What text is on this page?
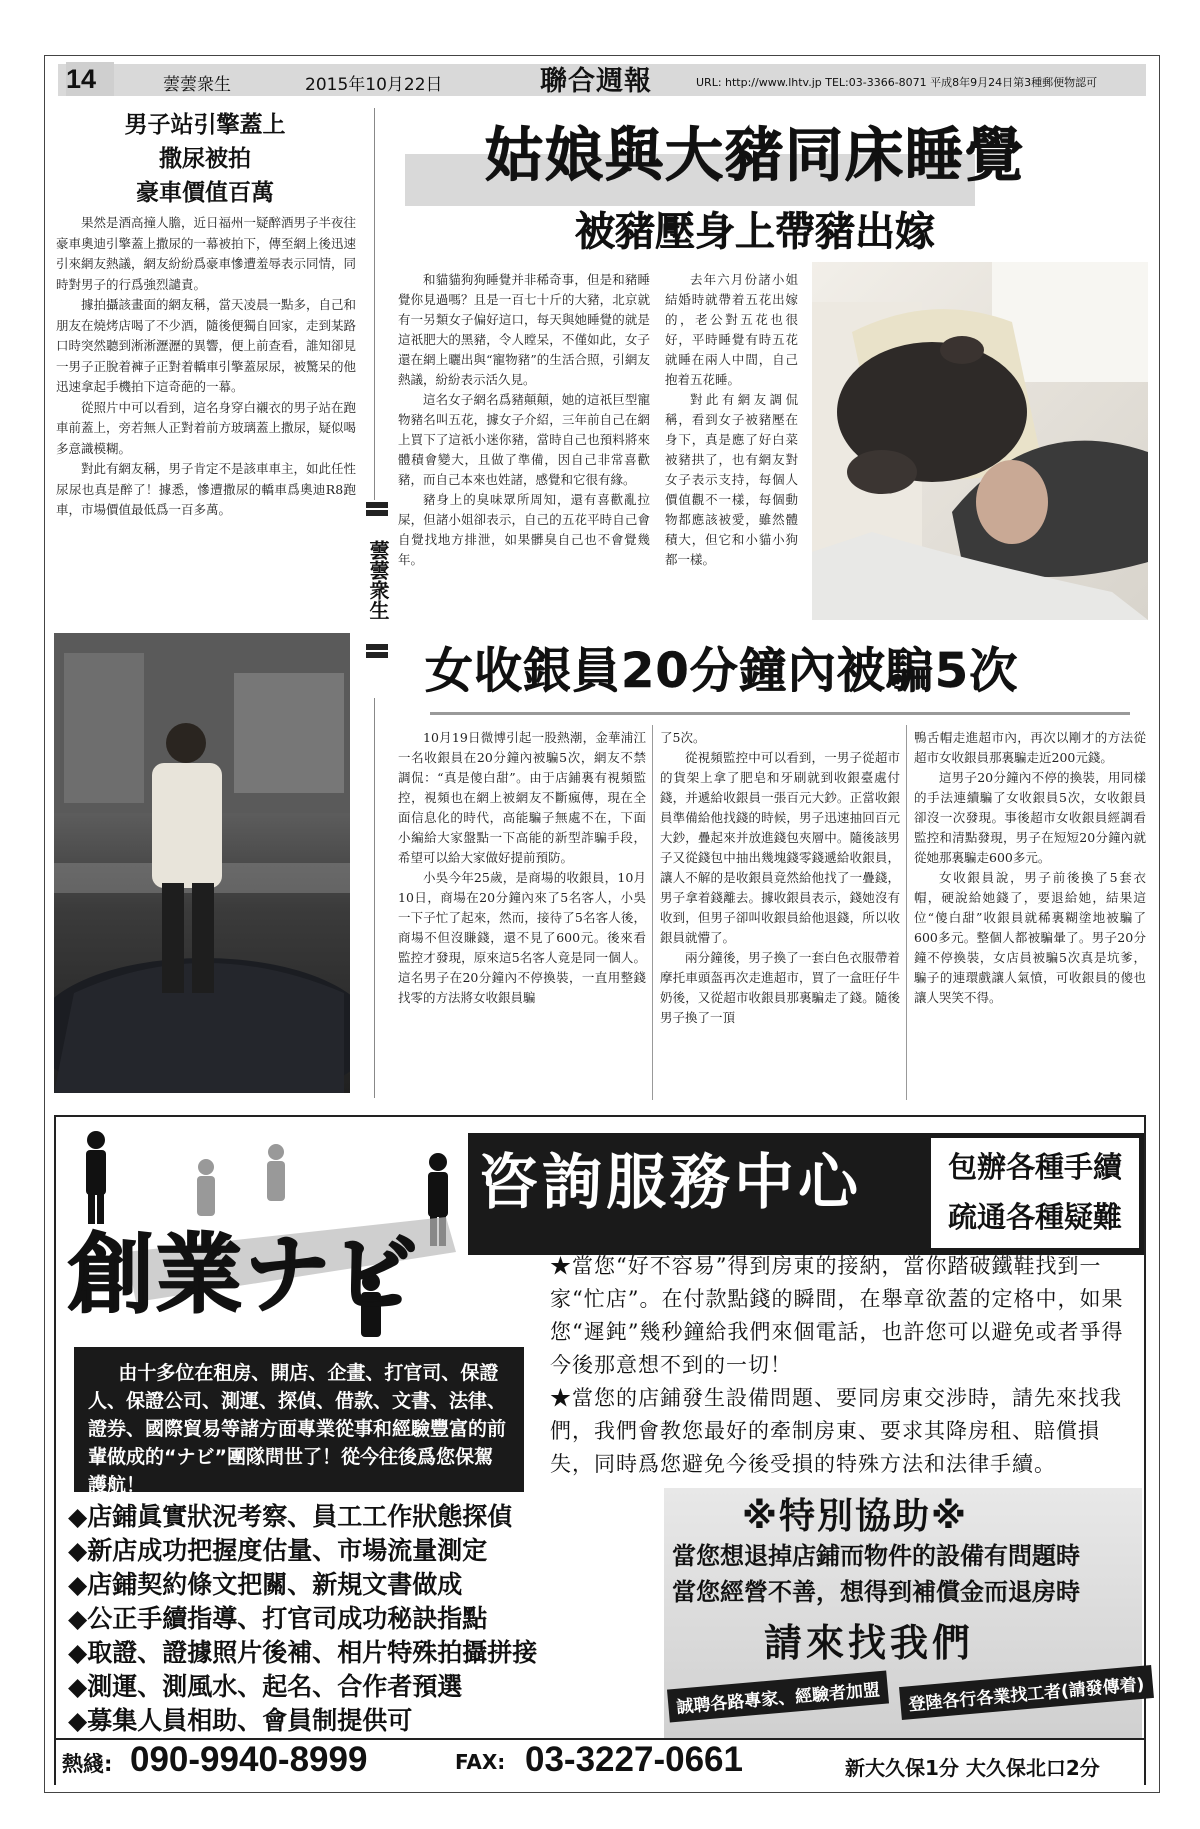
14	蕓蕓衆生	2015年10月22日	聯合週報	URL: http://www.lhtv.jp TEL:03-3366-8071 平成8年9月24日第3種郵便物認可
男子站引擎蓋上
撒尿被拍
豪車價值百萬

果然是酒高撞人膽，近日福州一疑醉酒男子半夜往豪車奧迪引擎蓋上撒尿的一幕被拍下，傳至網上後迅速引來網友熱議，網友紛紛爲豪車慘遭羞辱表示同情，同時對男子的行爲強烈譴責。

據拍攝該畫面的網友稱，當天凌晨一點多，自己和朋友在燒烤店喝了不少酒，隨後便獨自回家，走到某路口時突然聽到淅淅瀝瀝的異響，便上前查看，誰知卻見一男子正脫着褲子正對着轎車引擎蓋尿尿，被驚呆的他迅速拿起手機拍下這奇葩的一幕。

從照片中可以看到，這名身穿白襯衣的男子站在跑車前蓋上，旁若無人正對着前方玻璃蓋上撒尿，疑似喝多意識模糊。

對此有網友稱，男子肯定不是該車車主，如此任性尿尿也真是醉了！據悉，慘遭撒尿的轎車爲奧迪R8跑車，市場價值最低爲一百多萬。

蕓蕓衆生
姑娘與大豬同床睡覺
被豬壓身上帶豬出嫁

和貓貓狗狗睡覺并非稀奇事，但是和豬睡覺你見過嗎？且是一百七十斤的大豬，北京就有一另類女子偏好這口，每天與她睡覺的就是這祇肥大的黑豬，令人瞠呆，不僅如此，女子還在網上曬出與“寵物豬”的生活合照，引網友熱議，紛紛表示活久見。

這名女子網名爲豬顛顛，她的這祇巨型寵物豬名叫五花，據女子介紹，三年前自己在網上買下了這祇小迷你豬，當時自己也預料將來體積會變大，且做了準備，因自己非常喜歡豬，而自己本來也姓諸，感覺和它很有緣。

豬身上的臭味眾所周知，還有喜歡亂拉屎，但諸小姐卻表示，自己的五花平時自己會自覺找地方排泄，如果髒臭自己也不會覺幾年。

去年六月份諸小姐結婚時就帶着五花出嫁的，老公對五花也很好，平時睡覺有時五花就睡在兩人中間，自己抱着五花睡。

對此有網友調侃稱，看到女子被豬壓在身下，真是應了好白菜被豬拱了，也有網友對女子表示支持，每個人價值觀不一樣，每個動物都應該被愛，雖然體積大，但它和小貓小狗都一樣。

女收銀員20分鐘內被騙5次

10月19日微博引起一股熱潮，金華浦江一名收銀員在20分鐘內被騙5次，網友不禁調侃：“真是傻白甜”。由于店鋪裏有視頻監控，視頻也在網上被網友不斷瘋傳，現在全面信息化的時代，高能騙子無處不在，下面小編給大家盤點一下高能的新型詐騙手段，希望可以給大家做好提前預防。

小吳今年25歲，是商場的收銀員，10月10日，商場在20分鐘內來了5名客人，小吳一下子忙了起來，然而，接待了5名客人後，商場不但沒賺錢，還不見了600元。後來看監控才發現，原來這5名客人竟是同一個人。這名男子在20分鐘內不停換裝，一直用整錢找零的方法將女收銀員騙

了5次。

從視頻監控中可以看到，一男子從超市的貨架上拿了肥皂和牙刷就到收銀臺處付錢，并遞給收銀員一張百元大鈔。正當收銀員準備給他找錢的時候，男子迅速抽回百元大鈔，疊起來并放進錢包夾層中。隨後該男子又從錢包中抽出幾塊錢零錢遞給收銀員，讓人不解的是收銀員竟然給他找了一疊錢，男子拿着錢離去。據收銀員表示，錢她沒有收到，但男子卻叫收銀員給他退錢，所以收銀員就懵了。

兩分鐘後，男子換了一套白色衣服帶着摩托車頭盔再次走進超市，買了一盒旺仔牛奶後，又從超市收銀員那裏騙走了錢。隨後男子換了一頂

鴨舌帽走進超市內，再次以剛才的方法從超市女收銀員那裏騙走近200元錢。

這男子20分鐘內不停的換裝，用同樣的手法連續騙了女收銀員5次，女收銀員卻沒一次發現。事後超市女收銀員經調看監控和清點發現，男子在短短20分鐘內就從她那裏騙走600多元。

女收銀員說，男子前後換了5套衣帽，硬說給她錢了，要退給她，結果這位“傻白甜”收銀員就稀裏糊塗地被騙了600多元。整個人都被騙暈了。男子20分鐘不停換裝，女店員被騙5次真是坑爹，騙子的連環戲讓人氣憤，可收銀員的傻也讓人哭笑不得。

咨詢服務中心	包辦各種手續
疏通各種疑難
創業ナビ
由十多位在租房、開店、企畫、打官司、保證人、保證公司、測運、探偵、借款、文書、法律、證券、國際貿易等諸方面專業從事和經驗豐富的前輩做成的“ナビ”團隊問世了！從今往後爲您保駕護航！

★當您“好不容易”得到房東的接納，當你踏破鐵鞋找到一家“忙店”。在付款點錢的瞬間，在舉章欲蓋的定格中，如果您“遲鈍”幾秒鐘給我們來個電話，也許您可以避免或者爭得今後那意想不到的一切！

★當您的店鋪發生設備問題、要同房東交涉時，請先來找我們，我們會教您最好的牽制房東、要求其降房租、賠償損失，同時爲您避免今後受損的特殊方法和法律手續。

◆店鋪眞實狀況考察、員工工作狀態探偵
◆新店成功把握度估量、市場流量測定
◆店鋪契約條文把關、新規文書做成
◆公正手續指導、打官司成功秘訣指點
◆取證、證據照片後補、相片特殊拍攝拼接
◆測運、測風水、起名、合作者預選
◆募集人員相助、會員制提供可
※特別協助※
當您想退掉店鋪而物件的設備有問題時
當您經營不善，想得到補償金而退房時
請來找我們
誠聘各路專家、經驗者加盟	登陸各行各業找工者(請發傳着)
熱綫: 090-9940-8999	FAX: 03-3227-0661	新大久保1分 大久保北口2分
